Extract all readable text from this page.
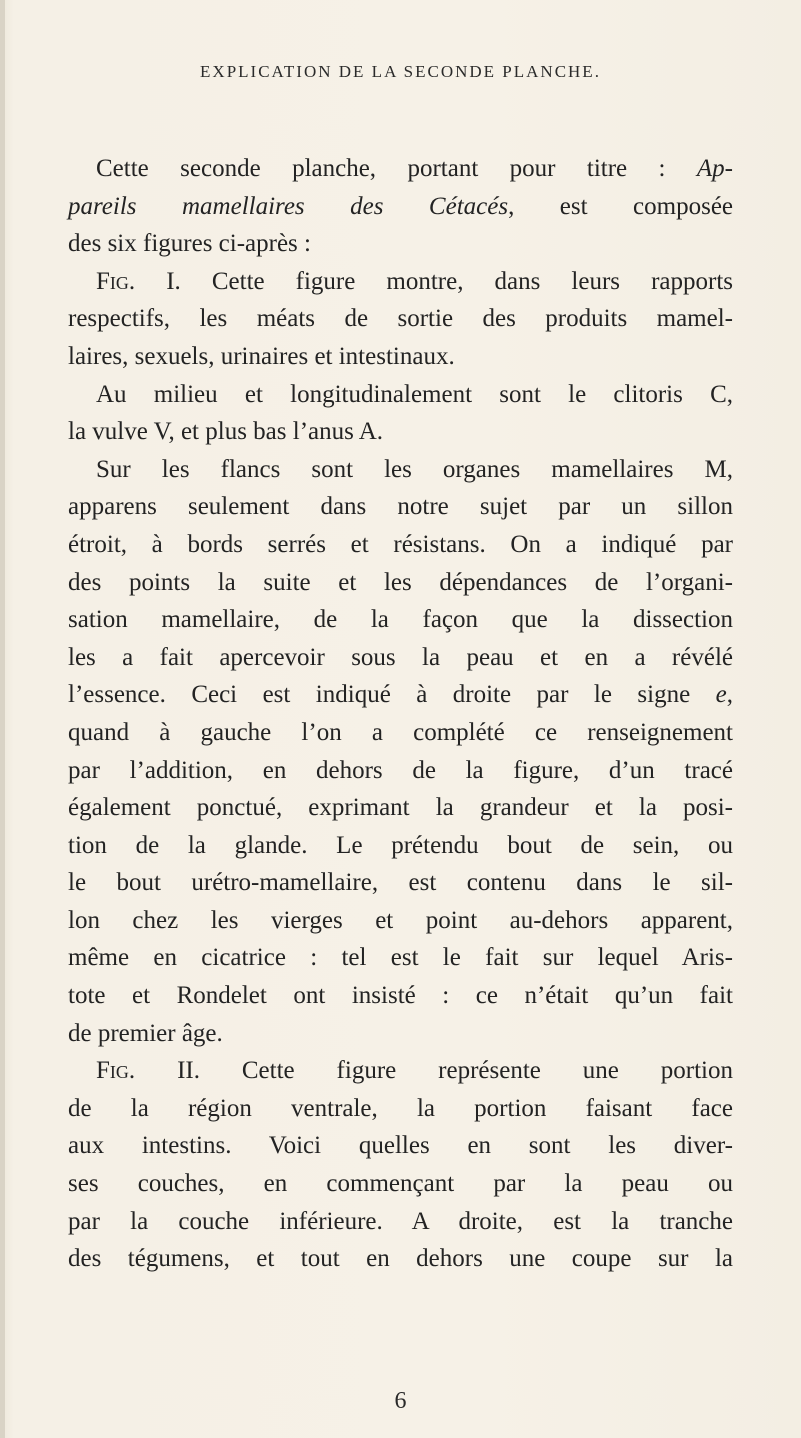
EXPLICATION DE LA SECONDE PLANCHE.
Cette seconde planche, portant pour titre : Ap-
pareils mamellaires des Cétacés, est composée
des six figures ci-après :
Fig. I. Cette figure montre, dans leurs rapports
respectifs, les méats de sortie des produits mamel-
laires, sexuels, urinaires et intestinaux.
Au milieu et longitudinalement sont le clitoris C,
la vulve V, et plus bas l’anus A.
Sur les flancs sont les organes mamellaires M,
apparens seulement dans notre sujet par un sillon
étroit, à bords serrés et résistans. On a indiqué par
des points la suite et les dépendances de l’organi-
sation mamellaire, de la façon que la dissection
les a fait apercevoir sous la peau et en a révélé
l’essence. Ceci est indiqué à droite par le signe e,
quand à gauche l’on a complété ce renseignement
par l’addition, en dehors de la figure, d’un tracé
également ponctué, exprimant la grandeur et la posi-
tion de la glande. Le prétendu bout de sein, ou
le bout urétro-mamellaire, est contenu dans le sil-
lon chez les vierges et point au-dehors apparent,
même en cicatrice : tel est le fait sur lequel Aris-
tote et Rondelet ont insisté : ce n’était qu’un fait
de premier âge.
Fig. II. Cette figure représente une portion
de la région ventrale, la portion faisant face
aux intestins. Voici quelles en sont les diver-
ses couches, en commençant par la peau ou
par la couche inférieure. A droite, est la tranche
des tégumens, et tout en dehors une coupe sur la
6
